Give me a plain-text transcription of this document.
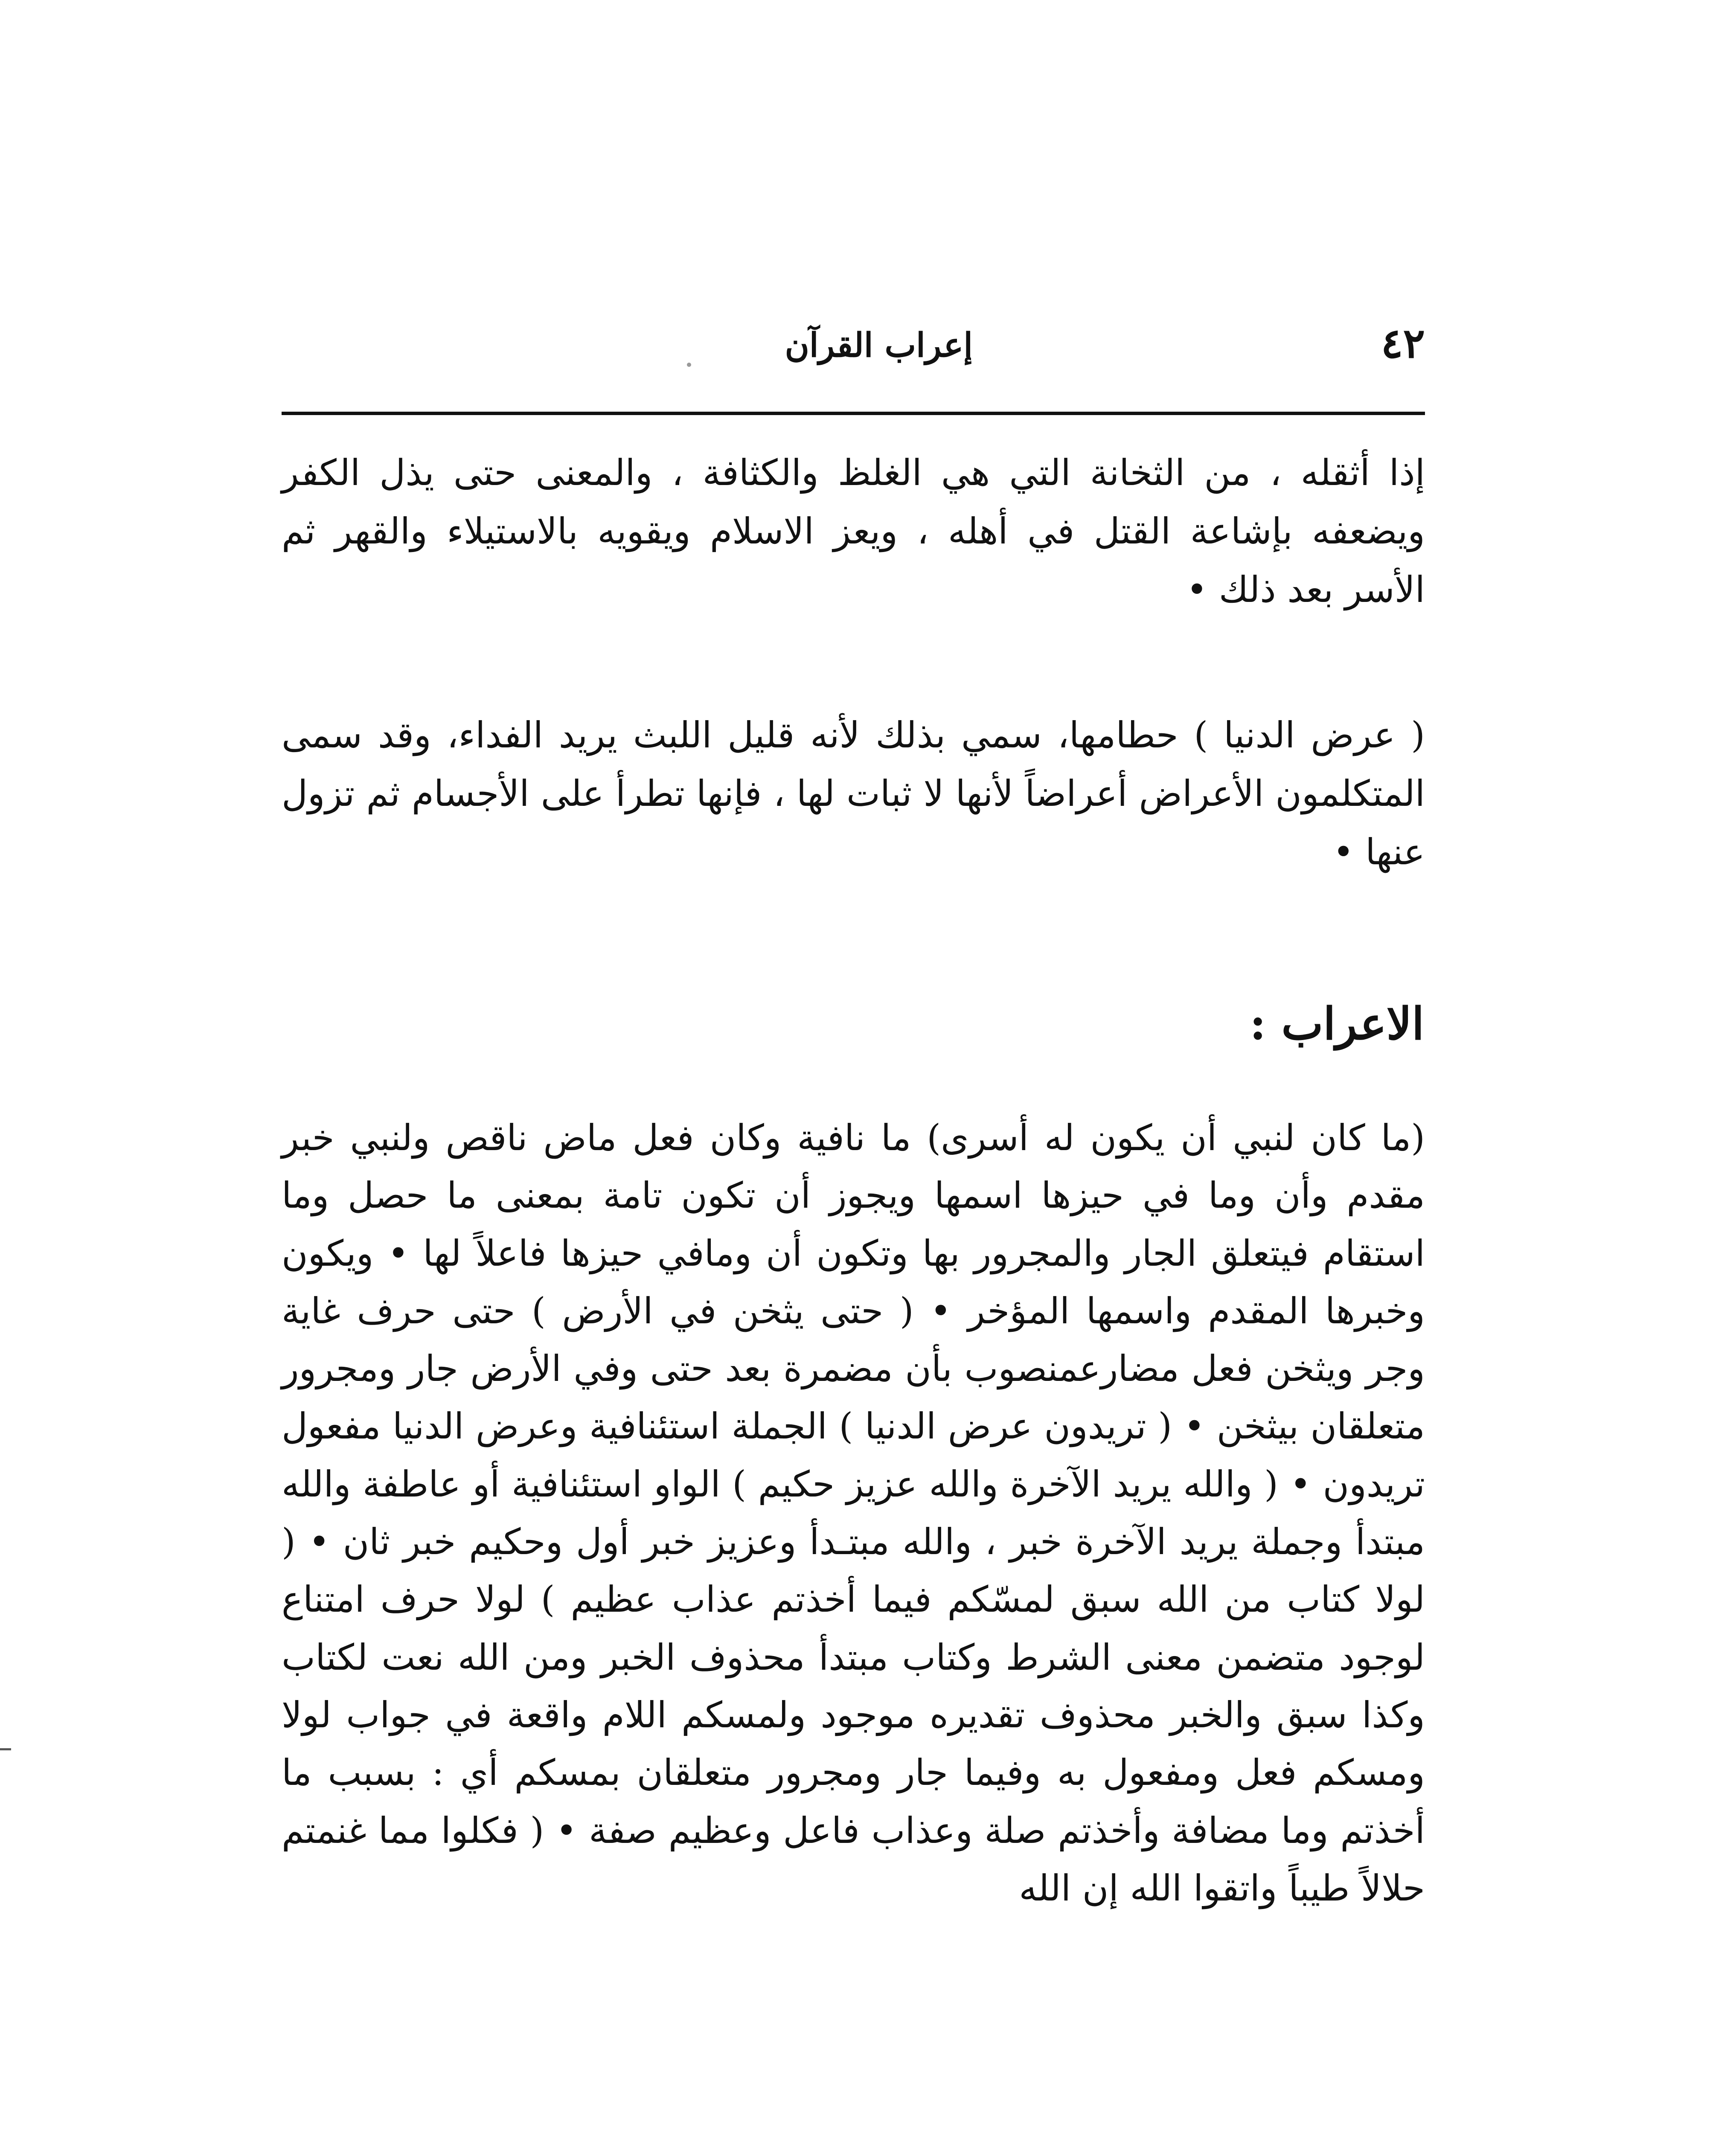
٤٢
إعراب القرآن

إذا أثقله ، من الثخانة التي هي الغلظ والكثافة ، والمعنى حتى يذل الكفر ويضعفه بإشاعة القتل في أهله ، ويعز الاسلام ويقويه بالاستيلاء والقهر ثم الأسر بعد ذلك •

( عرض الدنيا ) حطامها، سمي بذلك لأنه قليل اللبث يريد الفداء، وقد سمى المتكلمون الأعراض أعراضاً لأنها لا ثبات لها ، فإنها تطرأ على الأجسام ثم تزول عنها •

الاعراب :

(ما كان لنبي أن يكون له أسرى) ما نافية وكان فعل ماض ناقص ولنبي خبر مقدم وأن وما في حيزها اسمها ويجوز أن تكون تامة بمعنى ما حصل وما استقام فيتعلق الجار والمجرور بها وتكون أن ومافي حيزها فاعلاً لها • ويكون وخبرها المقدم واسمها المؤخر • ( حتى يثخن في الأرض ) حتى حرف غاية وجر ويثخن فعل مضارعمنصوب بأن مضمرة بعد حتى وفي الأرض جار ومجرور متعلقان بيثخن • ( تريدون عرض الدنيا ) الجملة استئنافية وعرض الدنيا مفعول تريدون • ( والله يريد الآخرة والله عزيز حكيم ) الواو استئنافية أو عاطفة والله مبتدأ وجملة يريد الآخرة خبر ، والله مبتـدأ وعزيز خبر أول وحكيم خبر ثان • ( لولا كتاب من الله سبق لمسّكم فيما أخذتم عذاب عظيم ) لولا حرف امتناع لوجود متضمن معنى الشرط وكتاب مبتدأ محذوف الخبر ومن الله نعت لكتاب وكذا سبق والخبر محذوف تقديره موجود ولمسكم اللام واقعة في جواب لولا ومسكم فعل ومفعول به وفيما جار ومجرور متعلقان بمسكم أي : بسبب ما أخذتم وما مضافة وأخذتم صلة وعذاب فاعل وعظيم صفة • ( فكلوا مما غنمتم حلالاً طيباً واتقوا الله إن الله
